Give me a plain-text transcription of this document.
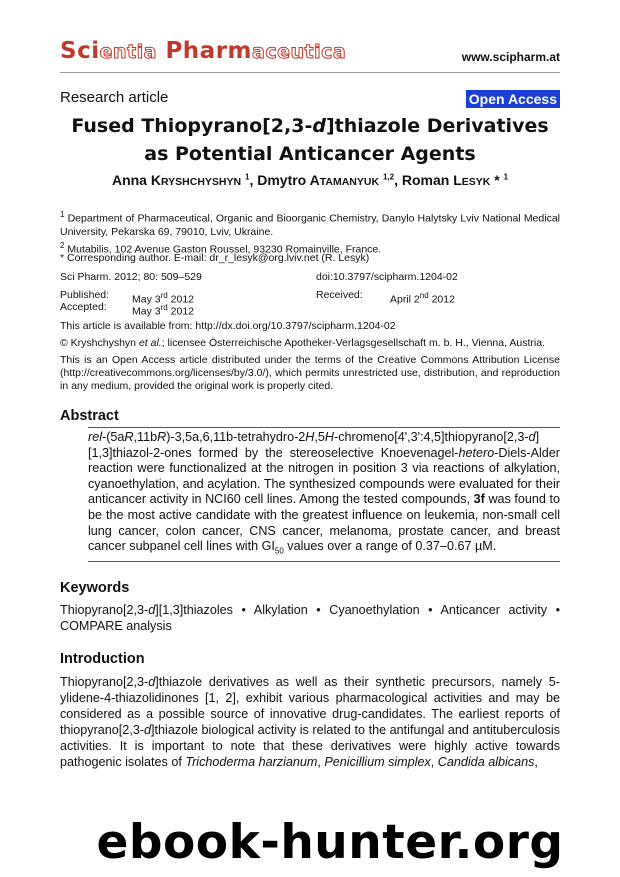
Scientia Pharmaceutica	www.scipharm.at
Research article	Open Access
Fused Thiopyrano[2,3-d]thiazole Derivatives
as Potential Anticancer Agents
Anna KRYSHCHYSHYN $^1$, Dmytro ATAMANYUK $^{1,2}$, Roman LESYK * $^1$
$^1$ Department of Pharmaceutical, Organic and Bioorganic Chemistry, Danylo Halytsky Lviv National Medical University, Pekarska 69, 79010, Lviv, Ukraine.
$^2$ Mutabilis, 102 Avenue Gaston Roussel, 93230 Romainville, France.
* Corresponding author. E-mail: dr_r_lesyk@org.lviv.net (R. Lesyk)
Sci Pharm. 2012; 80: 509–529	doi:10.3797/scipharm.1204-02
Published: May 3rd 2012	Received:	April 2nd 2012
Accepted: May 3rd 2012
This article is available from: http://dx.doi.org/10.3797/scipharm.1204-02
© Kryshchyshyn et al.; licensee Österreichische Apotheker-Verlagsgesellschaft m. b. H., Vienna, Austria.
This is an Open Access article distributed under the terms of the Creative Commons Attribution License (http://creativecommons.org/licenses/by/3.0/), which permits unrestricted use, distribution, and reproduction in any medium, provided the original work is properly cited.
Abstract
rel-(5aR,11bR)-3,5a,6,11b-tetrahydro-2H,5H-chromeno[4',3':4,5]thiopyrano[2,3-d][1,3]thiazol-2-ones formed by the stereoselective Knoevenagel-hetero-Diels-Alder reaction were functionalized at the nitrogen in position 3 via reactions of alkylation, cyanoethylation, and acylation. The synthesized compounds were evaluated for their anticancer activity in NCI60 cell lines. Among the tested compounds, 3f was found to be the most active candidate with the greatest influence on leukemia, non-small cell lung cancer, colon cancer, CNS cancer, melanoma, prostate cancer, and breast cancer subpanel cell lines with $GI_{50}$ values over a range of 0.37–0.67 µM.
Keywords
Thiopyrano[2,3-d][1,3]thiazoles • Alkylation • Cyanoethylation • Anticancer activity • COMPARE analysis
Introduction
Thiopyrano[2,3-d]thiazole derivatives as well as their synthetic precursors, namely 5-ylidene-4-thiazolidinones [1, 2], exhibit various pharmacological activities and may be considered as a possible source of innovative drug-candidates. The earliest reports of thiopyrano[2,3-d]thiazole biological activity is related to the antifungal and antituberculosis activities. It is important to note that these derivatives were highly active towards pathogenic isolates of Trichoderma harzianum, Penicillium simplex, Candida albicans,
ebook-hunter.org
